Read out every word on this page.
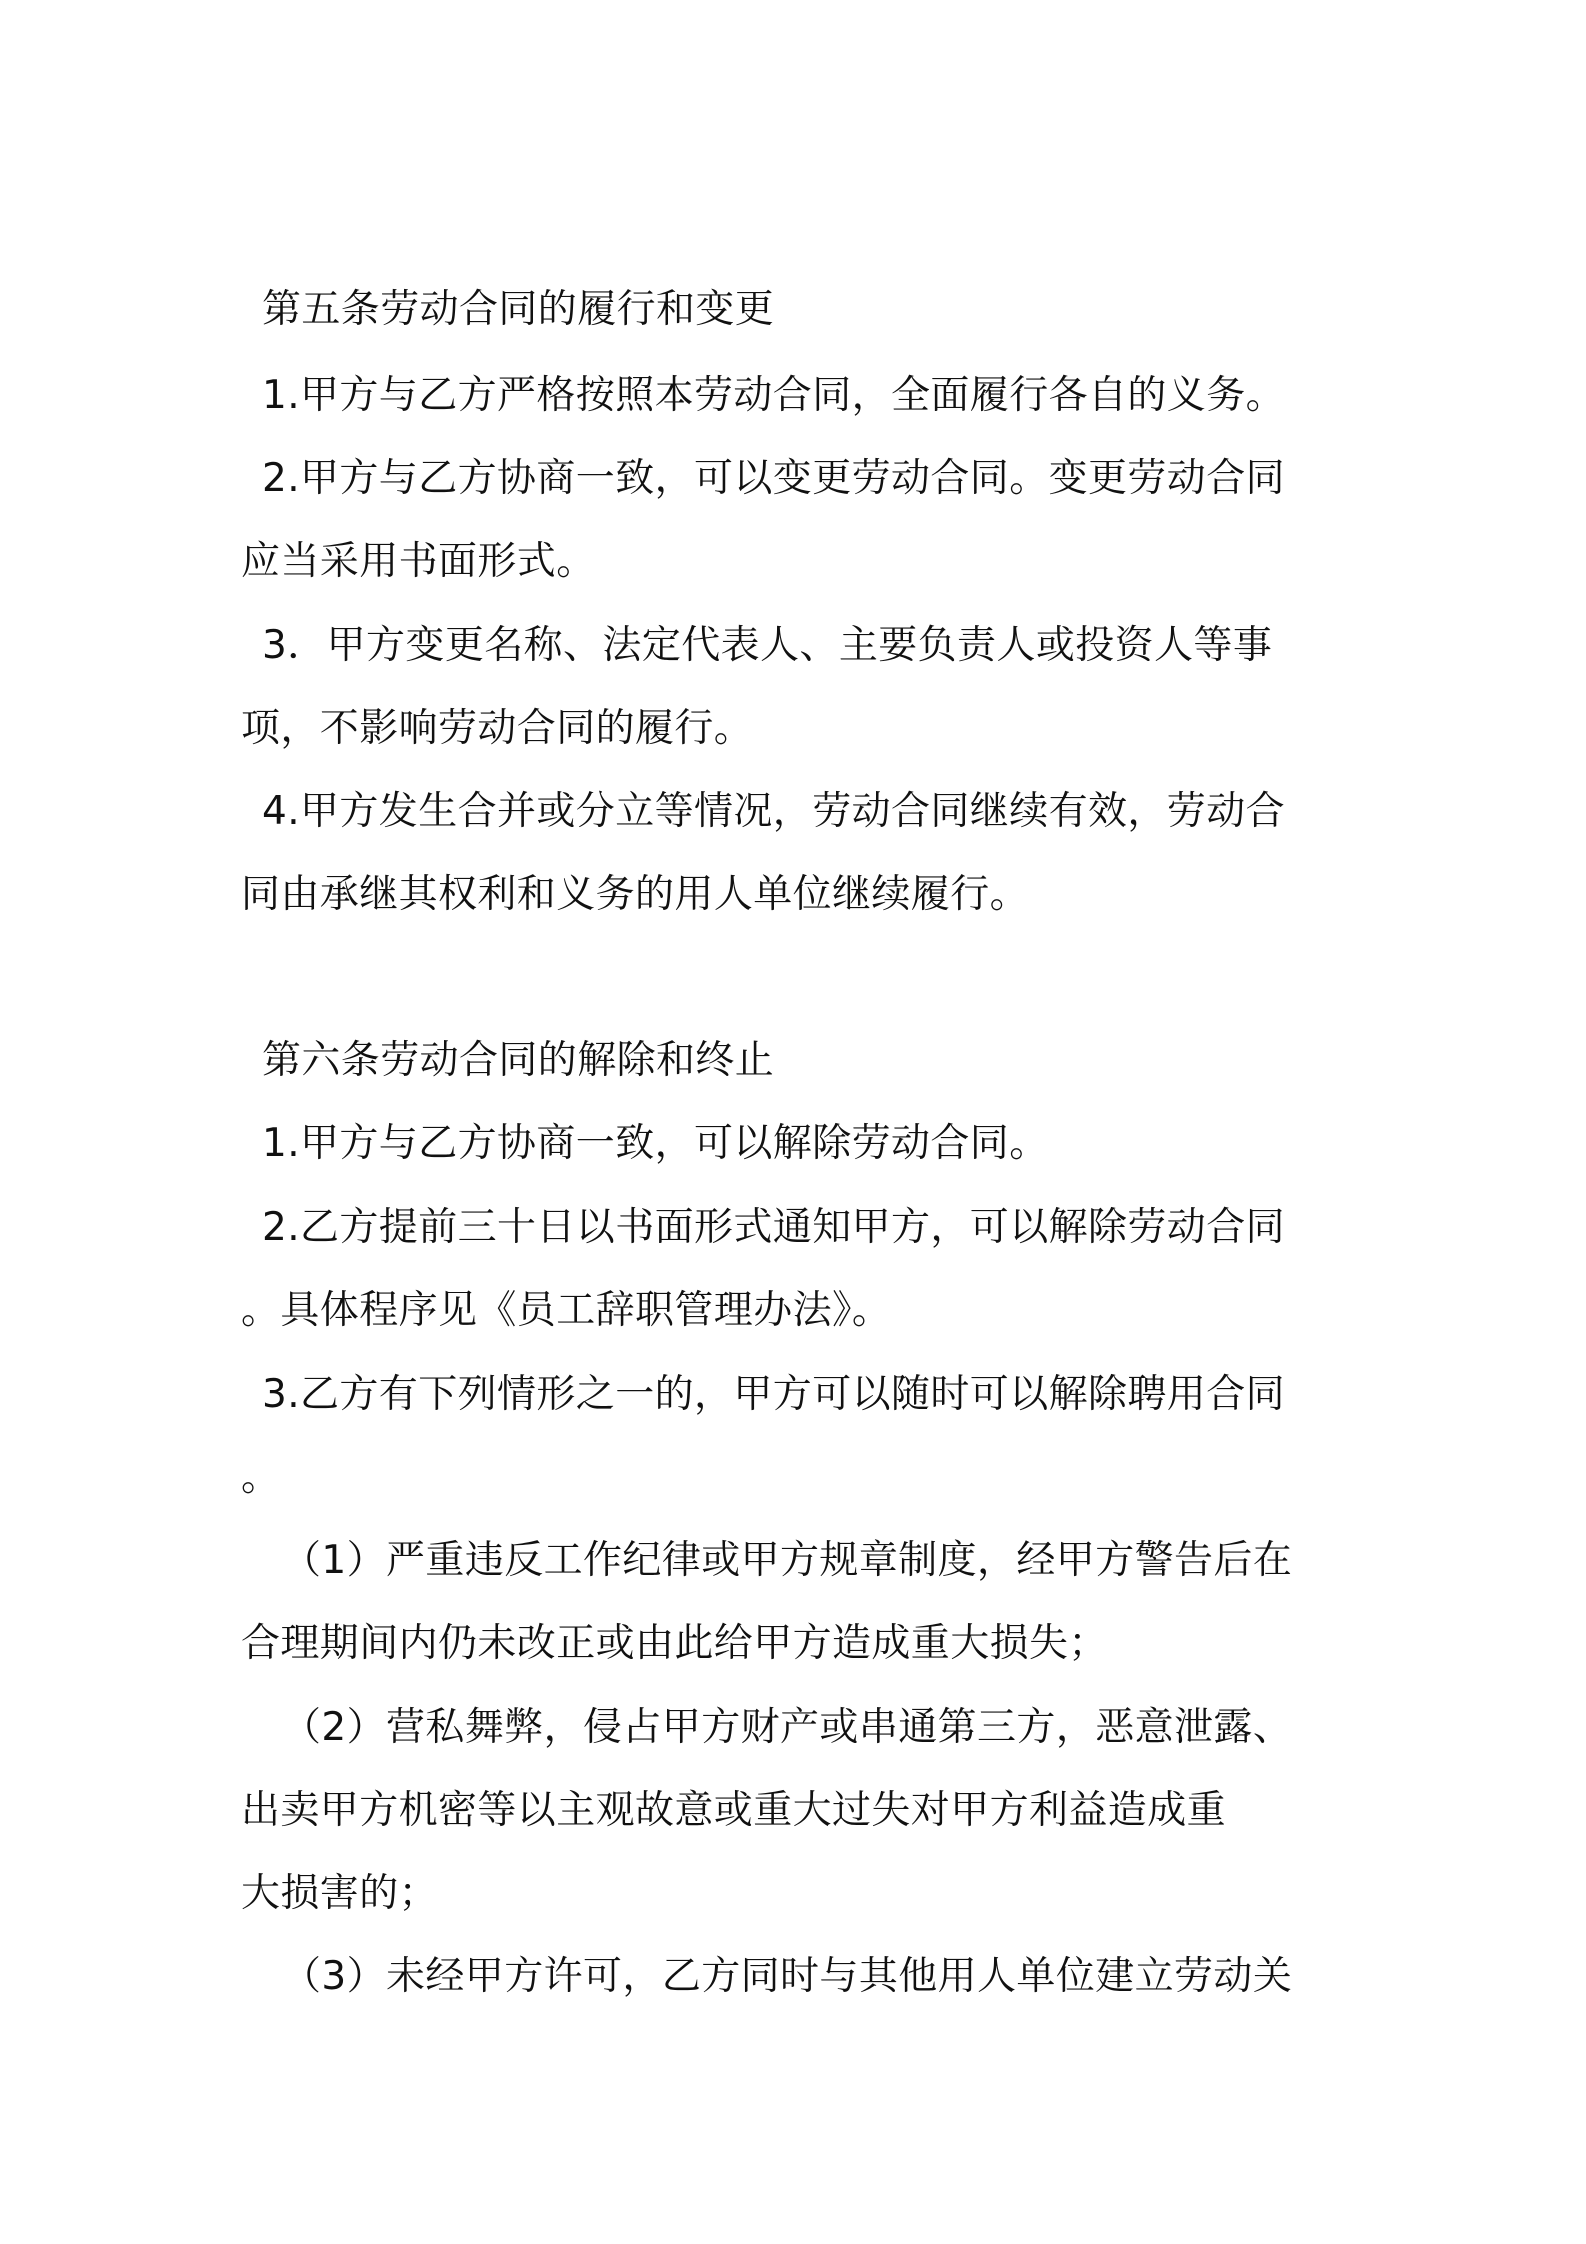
第五条劳动合同的履行和变更
1.甲方与乙方严格按照本劳动合同，全面履行各自的义务。
2.甲方与乙方协商一致，可以变更劳动合同。变更劳动合同
应当采用书面形式。
3．甲方变更名称、法定代表人、主要负责人或投资人等事
项，不影响劳动合同的履行。
4.甲方发生合并或分立等情况，劳动合同继续有效，劳动合
同由承继其权利和义务的用人单位继续履行。
第六条劳动合同的解除和终止
1.甲方与乙方协商一致，可以解除劳动合同。
2.乙方提前三十日以书面形式通知甲方，可以解除劳动合同
。具体程序见《员工辞职管理办法》。
3.乙方有下列情形之一的，甲方可以随时可以解除聘用合同
。
（1）严重违反工作纪律或甲方规章制度，经甲方警告后在
合理期间内仍未改正或由此给甲方造成重大损失；
（2）营私舞弊，侵占甲方财产或串通第三方，恶意泄露、
出卖甲方机密等以主观故意或重大过失对甲方利益造成重
大损害的；
（3）未经甲方许可，乙方同时与其他用人单位建立劳动关
